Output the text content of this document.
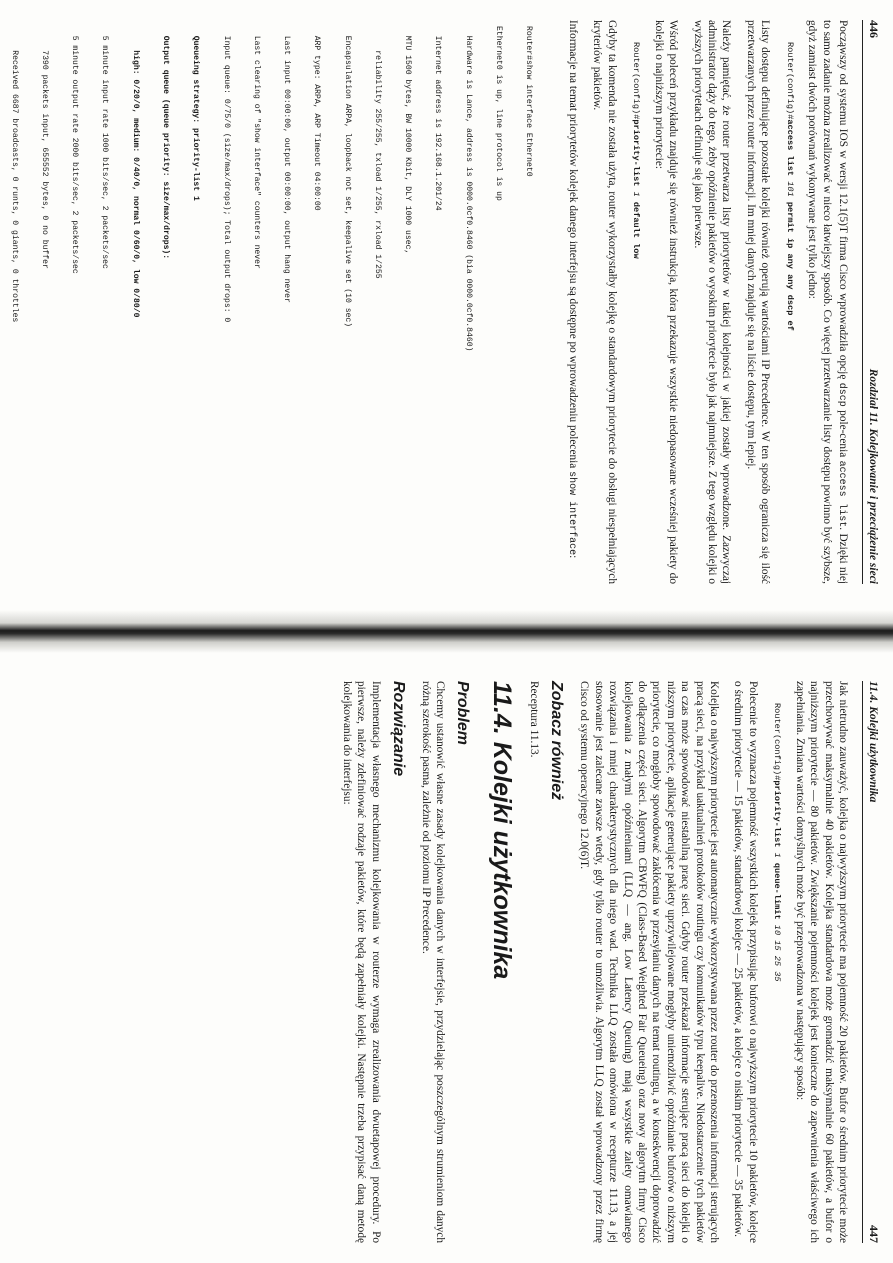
446
Rozdział 11. Kolejkowanie i przeciążenie sieci

Począwszy od systemu IOS w wersji 12.1(5)T firma Cisco wprowadziła opcję dscp pole-cenia access list. Dzięki niej to samo zadanie można zrealizować w nieco łatwiejszy sposób. Co więcej przetwarzanie listy dostępu powinno być szybsze, gdyż zamiast dwóch porównań wykonywane jest tylko jedno:

Router(config)#access list 101 permit ip any any dscp ef

Listy dostępu definiujące pozostałe kolejki również operują wartościami IP Precedence. W ten sposób ogranicza się ilość przetwarzanych przez router informacji. Im mniej danych znajduje się na liście dostępu, tym lepiej.

Należy pamiętać, że router przetwarza listy priorytetów w takiej kolejności w jakiej zostały wprowadzone. Zazwyczaj administrator dąży do tego, żeby opóźnienie pakietów o wysokim priorytecie było jak najmniejsze. Z tego względu kolejki o wyższych priorytetach definiuje się jako pierwsze.

Wśród poleceń przykładu znajduje się również instrukcja, która przekazuje wszystkie niedopasowane wcześniej pakiety do kolejki o najniższym priorytecie:

Router(config)#priority-list 1 default low

Gdyby ta komenda nie została użyta, router wykorzystałby kolejkę o standardowym priorytecie do obsługi niespełniających kryteriów pakietów.

Informacje na temat priorytetów kolejek danego interfejsu są dostępne po wprowadzeniu polecenia show interface:

Router#show interface Ethernet0

Ethernet0 is up, line protocol is up

Hardware is Lance, address is 0000.0cf0.8460 (bia 0000.0cf0.8460)

Internet address is 192.168.1.201/24

MTU 1500 bytes, BW 10000 Kbit, DLY 1000 usec,

reliability 255/255, txload 1/255, rxload 1/255

Encapsulation ARPA, loopback not set, keepalive set (10 sec)

ARP type: ARPA, ARP Timeout 04:00:00

Last input 00:00:00, output 00:00:00, output hang never

Last clearing of "show interface" counters never

Input queue: 0/75/0 (size/max/drops); Total output drops: 0

Queueing strategy: priority-list 1

Output queue (queue priority: size/max/drops):

high: 0/20/0, medium: 0/40/0, normal 0/60/0, low 0/80/0

5 minute input rate 1000 bits/sec, 2 packets/sec

5 minute output rate 2000 bits/sec, 2 packets/sec

7390 packets input, 655552 bytes, 0 no buffer

Received 6687 broadcasts, 0 runts, 0 giants, 0 throttles

11.4. Kolejki użytkownika
447

Jak nietrudno zauważyć, kolejka o najwyższym priorytecie ma pojemność 20 pakietów. Bufor o średnim priorytecie może przechowywać maksymalnie 40 pakietów. Kolejka standardowa może gromadzić maksymalnie 60 pakietów, a bufor o najniższym priorytecie — 80 pakietów. Zwiększanie pojemności kolejek jest konieczne do zapewnienia właściwego ich zapełniania. Zmiana wartości domyślnych może być przeprowadzona w następujący sposób:

Router(config)#priority-list 1 queue-limit 10 15 25 35

Polecenie to wyznacza pojemność wszystkich kolejek przypisując buforowi o najwyższym priorytecie 10 pakietów, kolejce o średnim priorytecie — 15 pakietów, standardowej kolejce — 25 pakietów, a kolejce o niskim priorytecie — 35 pakietów.

Kolejka o najwyższym priorytecie jest automatycznie wykorzystywana przez router do przenoszenia informacji sterujących pracą sieci, na przykład uaktualnień protokołów routingu czy komunikatów typu keepalive. Niedostarczenie tych pakietów na czas może spowodować niestabilną pracę sieci. Gdyby router przekazał informacje sterujące pracą sieci do kolejki o niższym priorytecie, aplikacje generujące pakiety uprzywilejowane mogłyby uniemożliwić opróżnianie buforów o niższym priorytecie, co mogłoby spowodować zakłócenia w przesyłaniu danych na temat routingu, a w konsekwencji doprowadzić do odłączenia części sieci. Algorytm CBWFQ (Class-Based Weighted Fair Queueing) oraz nowy algorytm firmy Cisco kolejkowania z małymi opóźnieniami (LLQ — ang. Low Latency Queuing) mają wszystkie zalety omawianego rozwiązania i mniej charakterystycznych dla niego wad. Technika LLQ została omówiona w recepturze 11.13, a jej stosowanie jest zalecane zawsze wtedy, gdy tylko router to umożliwia. Algorytm LLQ został wprowadzony przez firmę Cisco od systemu operacyjnego 12.0(6)T.

Zobacz również

Receptura 11.13.

11.4. Kolejki użytkownika
Problem

Chcemy ustanowić własne zasady kolejkowania danych w interfejsie, przydzielając poszczególnym strumieniom danych różną szerokość pasma, zależnie od poziomu IP Precedence.

Rozwiązanie

Implementacja własnego mechanizmu kolejkowania w routerze wymaga zrealizowania dwuetapowej procedury. Po pierwsze, należy zdefiniować rodzaje pakietów, które będą zapełniały kolejki. Następnie trzeba przypisać daną metodę kolejkowania do interfejsu:
